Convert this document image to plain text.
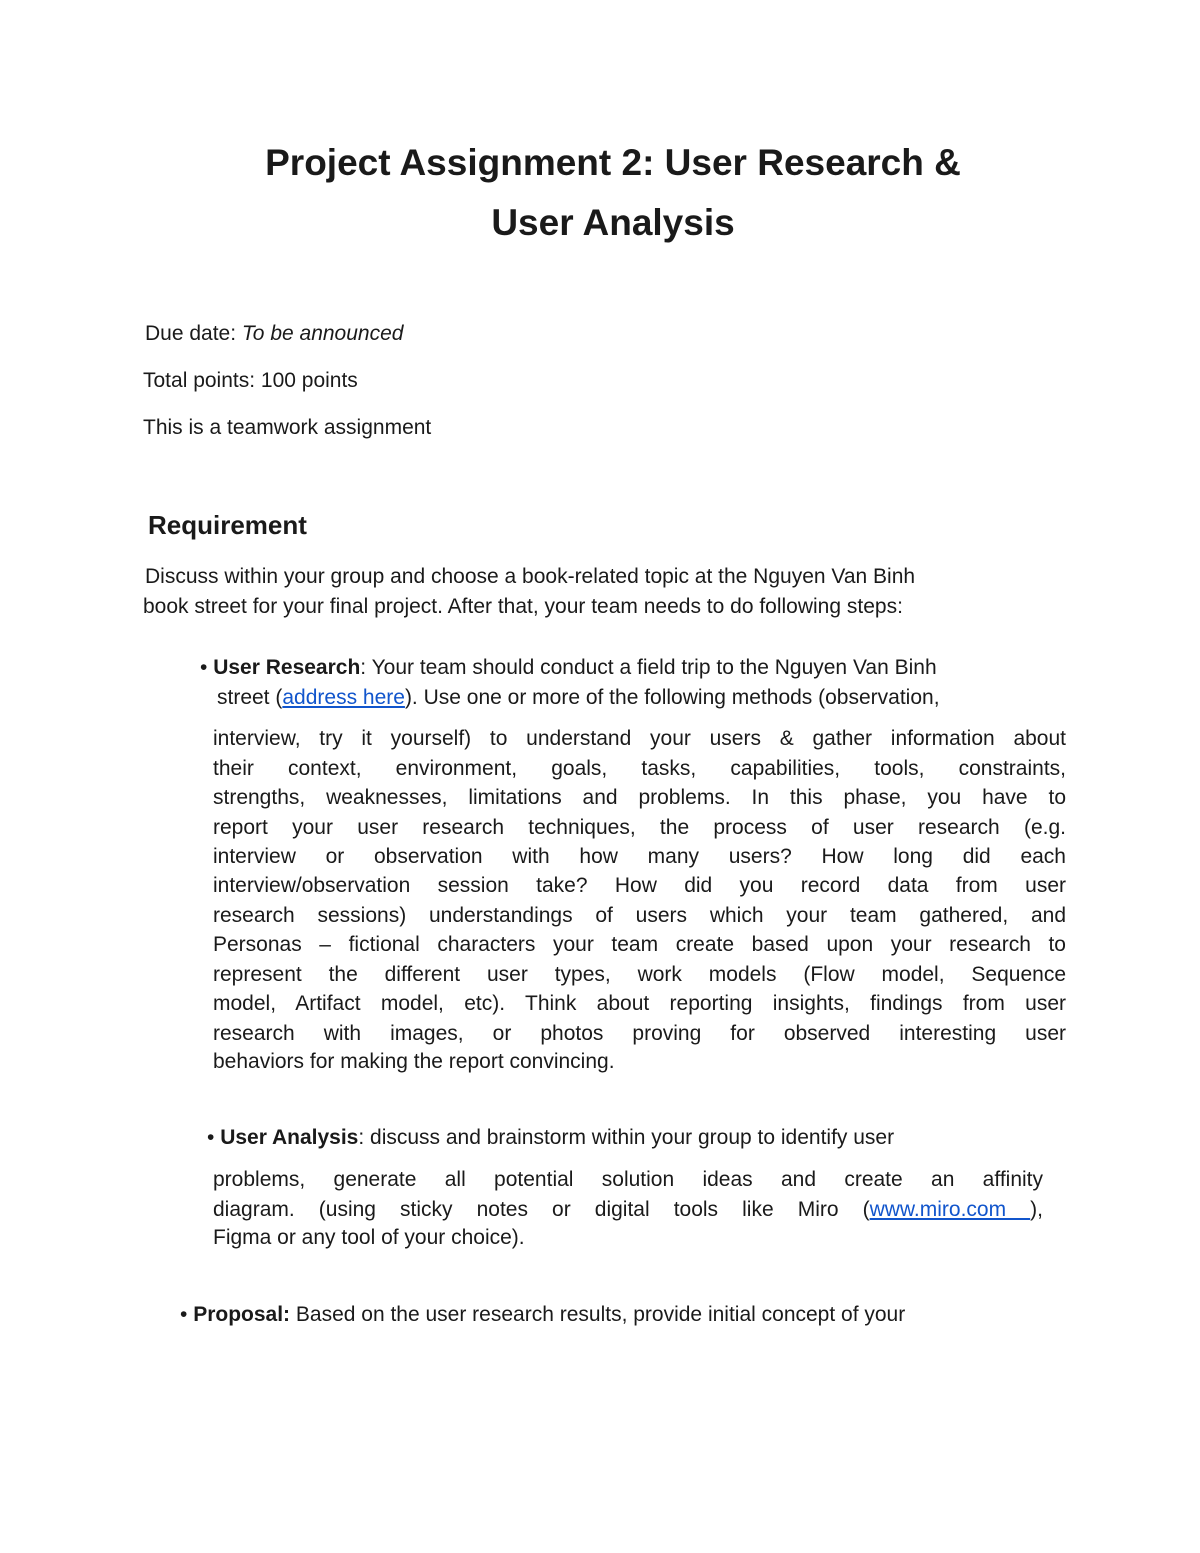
Project Assignment 2: User Research &
User Analysis
Due date: To be announced
Total points: 100 points
This is a teamwork assignment
Requirement
Discuss within your group and choose a book-related topic at the Nguyen Van Binh
book street for your final project. After that, your team needs to do following steps:
• User Research: Your team should conduct a field trip to the Nguyen Van Binh
street (address here). Use one or more of the following methods (observation,
interview, try it yourself) to understand your users & gather information about
their context, environment, goals, tasks, capabilities, tools, constraints,
strengths, weaknesses, limitations and problems. In this phase, you have to
report your user research techniques, the process of user research (e.g.
interview or observation with how many users? How long did each
interview/observation session take? How did you record data from user
research sessions) understandings of users which your team gathered, and
Personas – fictional characters your team create based upon your research to
represent the different user types, work models (Flow model, Sequence
model, Artifact model, etc). Think about reporting insights, findings from user
research with images, or photos proving for observed interesting user
behaviors for making the report convincing.
• User Analysis: discuss and brainstorm within your group to identify user
problems, generate all potential solution ideas and create an affinity
diagram. (using sticky notes or digital tools like Miro (www.miro.com ),
Figma or any tool of your choice).
• Proposal: Based on the user research results, provide initial concept of your
